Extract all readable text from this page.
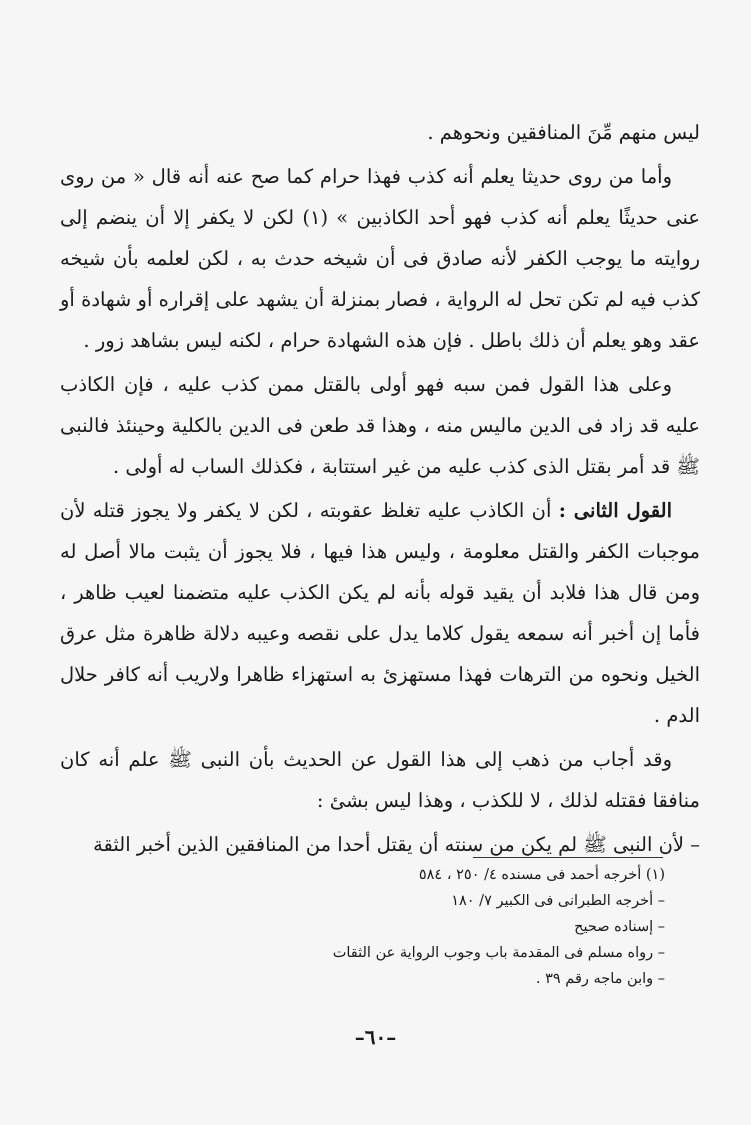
ليس منهم مِّنَ المنافقين ونحوهم .

وأما من روى حديثا يعلم أنه كذب فهذا حرام كما صح عنه أنه قال « من روى عنى حديثًا يعلم أنه كذب فهو أحد الكاذبين » (١) لكن لا يكفر إلا أن ينضم إلى روايته ما يوجب الكفر لأنه صادق فى أن شيخه حدث به ، لكن لعلمه بأن شيخه كذب فيه لم تكن تحل له الرواية ، فصار بمنزلة أن يشهد على إقراره أو شهادة أو عقد وهو يعلم أن ذلك باطل . فإن هذه الشهادة حرام ، لكنه ليس بشاهد زور .

وعلى هذا القول فمن سبه فهو أولى بالقتل ممن كذب عليه ، فإن الكاذب عليه قد زاد فى الدين ماليس منه ، وهذا قد طعن فى الدين بالكلية وحينئذ فالنبى ﷺ قد أمر بقتل الذى كذب عليه من غير استتابة ، فكذلك الساب له أولى .

القول الثانى : أن الكاذب عليه تغلظ عقوبته ، لكن لا يكفر ولا يجوز قتله لأن موجبات الكفر والقتل معلومة ، وليس هذا فيها ، فلا يجوز أن يثبت مالا أصل له ومن قال هذا فلابد أن يقيد قوله بأنه لم يكن الكذب عليه متضمنا لعيب ظاهر ، فأما إن أخبر أنه سمعه يقول كلاما يدل على نقصه وعيبه دلالة ظاهرة مثل عرق الخيل ونحوه من الترهات فهذا مستهزئ به استهزاء ظاهرا ولاريب أنه كافر حلال الدم .

وقد أجاب من ذهب إلى هذا القول عن الحديث بأن النبى ﷺ علم أنه كان منافقا فقتله لذلك ، لا للكذب ، وهذا ليس بشئ :

– لأن النبى ﷺ لم يكن من سنته أن يقتل أحدا من المنافقين الذين أخبر الثقة

(١) أخرجه أحمد فى مسنده ٤/ ٢٥٠ ، ٥٨٤

– أخرجه الطبرانى فى الكبير ٧/ ١٨٠

– إسناده صحيح

– رواه مسلم فى المقدمة باب وجوب الرواية عن الثقات

– وابن ماجه رقم ٣٩ .

–٦٠–
